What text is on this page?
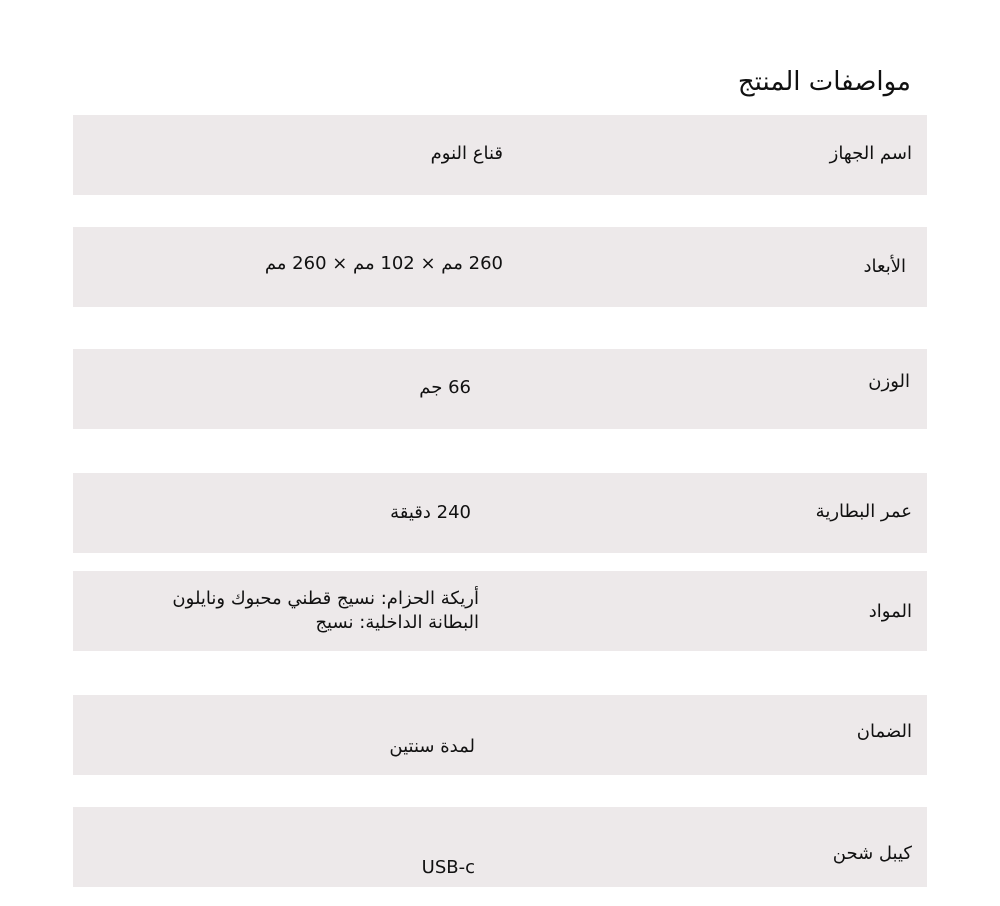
مواصفات المنتج
اسم الجهاز
قناع النوم
الأبعاد
260 مم × 102 مم × 260 مم
الوزن
66 جم
عمر البطارية
240 دقيقة
المواد
أريكة الحزام: نسيج قطني محبوك ونايلون
البطانة الداخلية: نسيج
الضمان
لمدة سنتين
كيبل شحن
USB-c
